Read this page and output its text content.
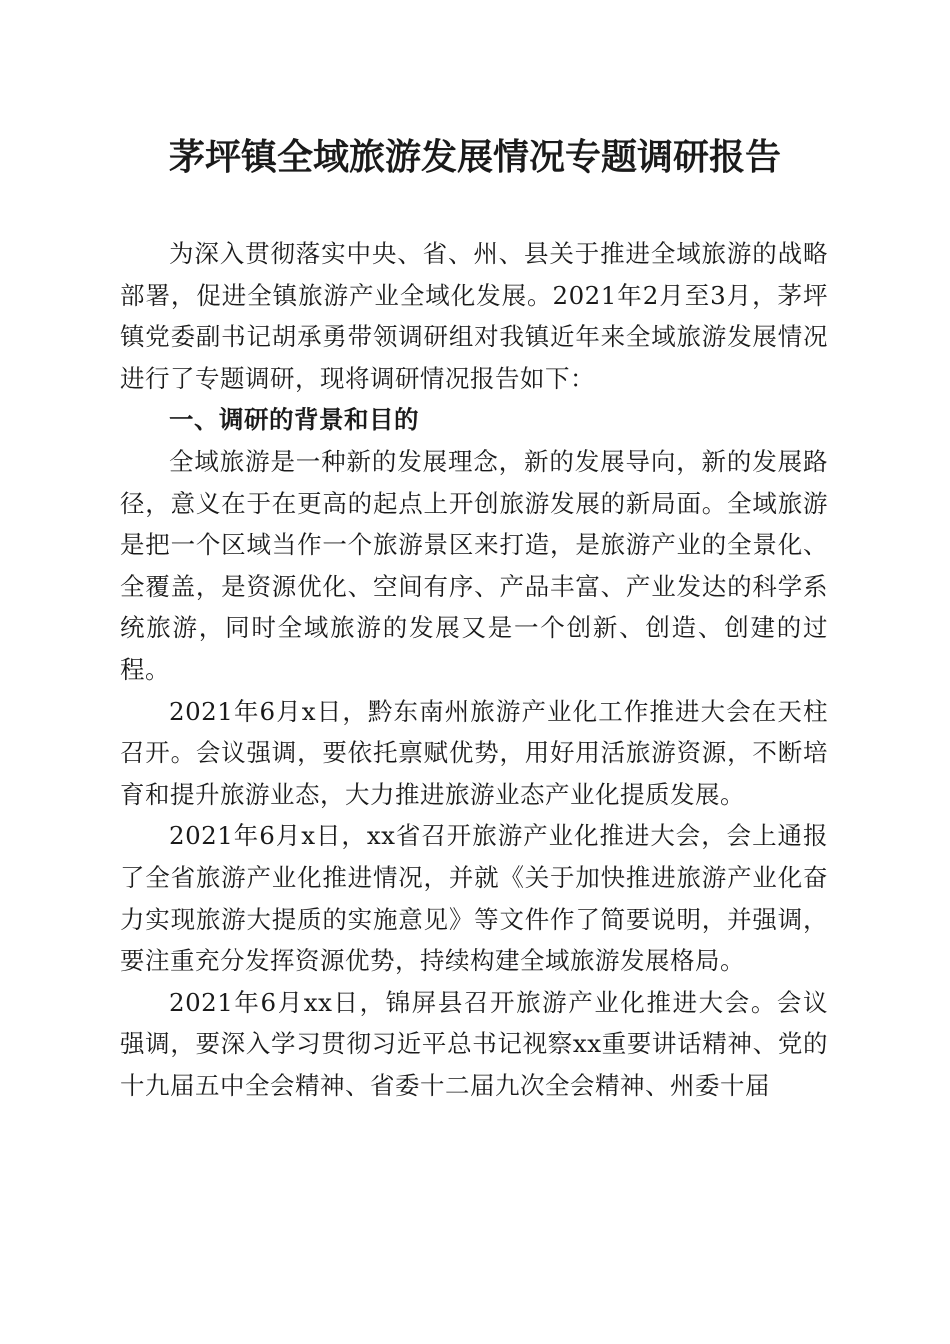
茅坪镇全域旅游发展情况专题调研报告

为深入贯彻落实中央、省、州、县关于推进全域旅游的战略部署，促进全镇旅游产业全域化发展。2021年2月至3月，茅坪镇党委副书记胡承勇带领调研组对我镇近年来全域旅游发展情况进行了专题调研，现将调研情况报告如下：

一、调研的背景和目的

全域旅游是一种新的发展理念，新的发展导向，新的发展路径，意义在于在更高的起点上开创旅游发展的新局面。全域旅游是把一个区域当作一个旅游景区来打造，是旅游产业的全景化、全覆盖，是资源优化、空间有序、产品丰富、产业发达的科学系统旅游，同时全域旅游的发展又是一个创新、创造、创建的过程。

2021年6月x日，黔东南州旅游产业化工作推进大会在天柱召开。会议强调，要依托禀赋优势，用好用活旅游资源，不断培育和提升旅游业态，大力推进旅游业态产业化提质发展。

2021年6月x日，xx省召开旅游产业化推进大会，会上通报了全省旅游产业化推进情况，并就《关于加快推进旅游产业化奋力实现旅游大提质的实施意见》等文件作了简要说明，并强调，要注重充分发挥资源优势，持续构建全域旅游发展格局。

2021年6月xx日，锦屏县召开旅游产业化推进大会。会议强调，要深入学习贯彻习近平总书记视察xx重要讲话精神、党的十九届五中全会精神、省委十二届九次全会精神、州委十届
